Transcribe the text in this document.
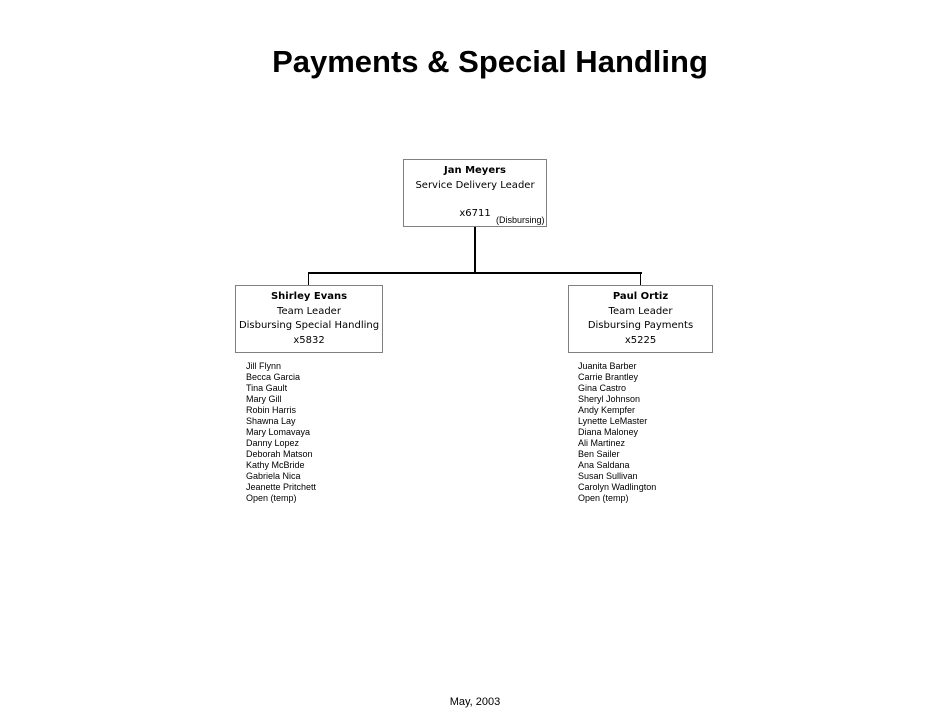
Payments & Special Handling
Jan Meyers
Service Delivery Leader
x6711
(Disbursing)
Shirley Evans
Team Leader
Disbursing Special Handling
x5832
Paul Ortiz
Team Leader
Disbursing Payments
x5225
Jill Flynn
Becca Garcia
Tina Gault
Mary Gill
Robin Harris
Shawna Lay
Mary Lomavaya
Danny Lopez
Deborah Matson
Kathy McBride
Gabriela Nica
Jeanette Pritchett
Open (temp)
Juanita Barber
Carrie Brantley
Gina Castro
Sheryl Johnson
Andy Kempfer
Lynette LeMaster
Diana Maloney
Ali Martinez
Ben Sailer
Ana Saldana
Susan Sullivan
Carolyn Wadlington
Open (temp)
May, 2003
